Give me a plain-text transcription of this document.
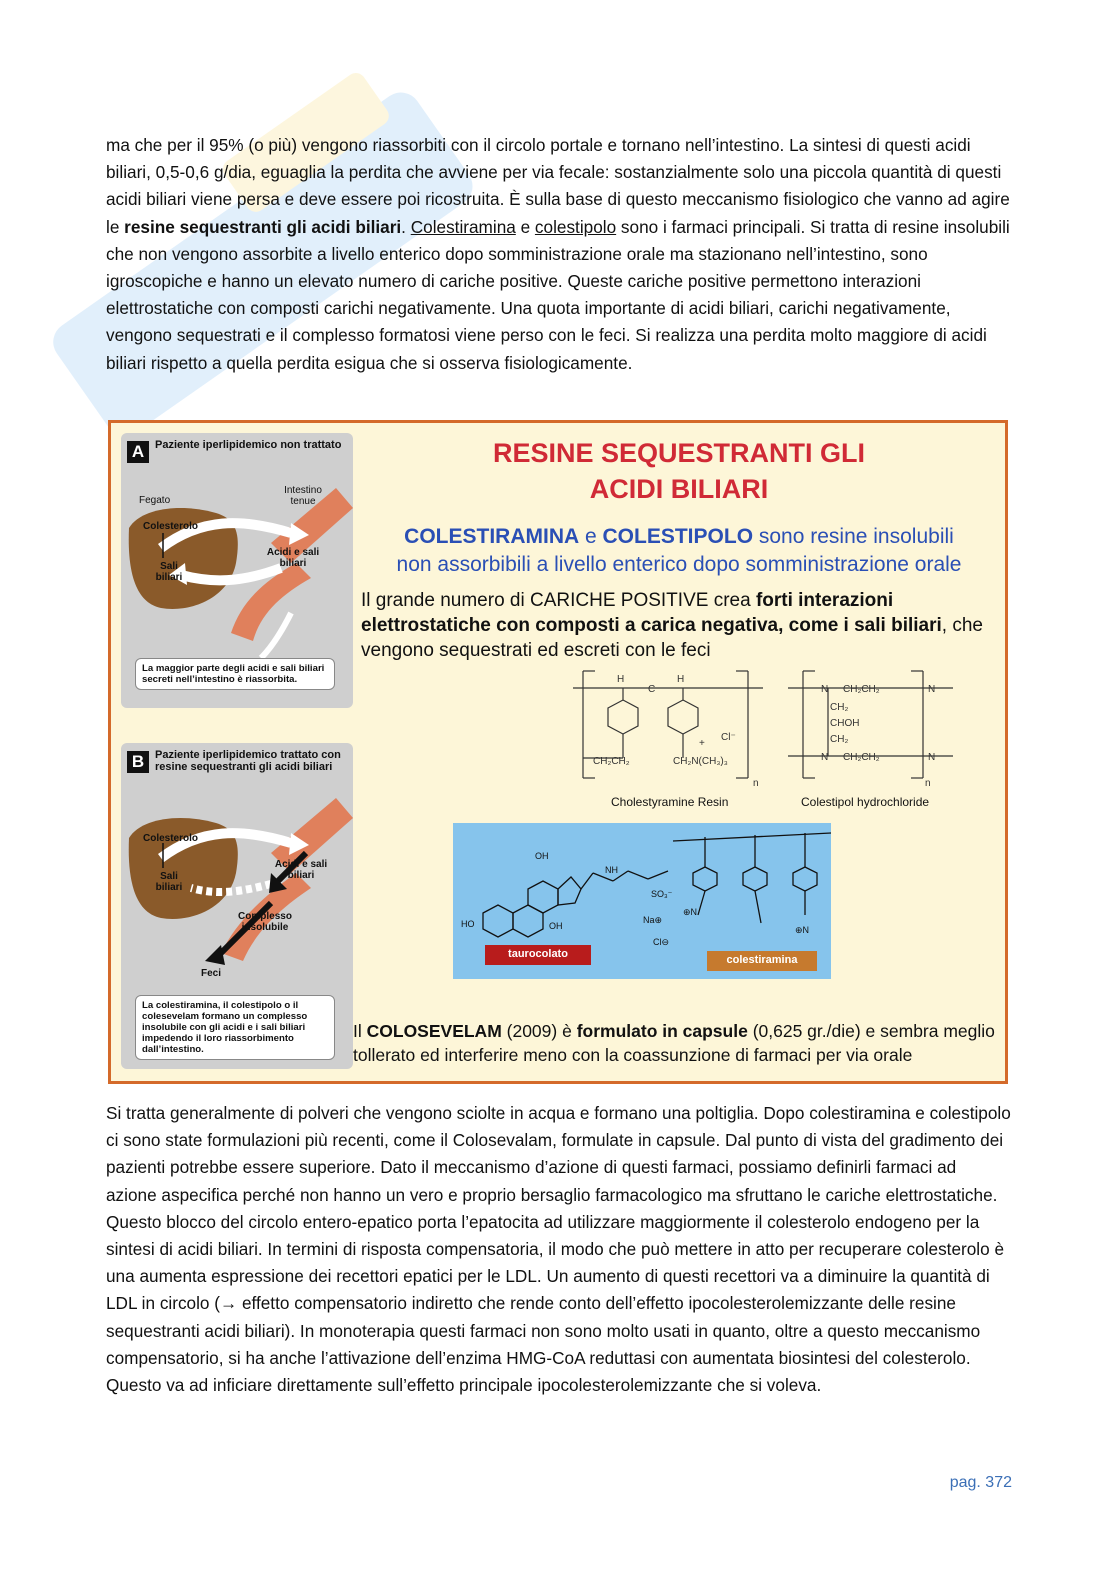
ma che per il 95% (o più) vengono riassorbiti con il circolo portale e tornano nell’intestino. La sintesi di questi acidi biliari, 0,5-0,6 g/dia, eguaglia la perdita che avviene per via fecale: sostanzialmente solo una piccola quantità di questi acidi biliari viene persa e deve essere poi ricostruita. È sulla base di questo meccanismo fisiologico che vanno ad agire le resine sequestranti gli acidi biliari. Colestiramina e colestipolo sono i farmaci principali. Si tratta di resine insolubili che non vengono assorbite a livello enterico dopo somministrazione orale ma stazionano nell’intestino, sono igroscopiche e hanno un elevato numero di cariche positive. Queste cariche positive permettono interazioni elettrostatiche con composti carichi negativamente. Una quota importante di acidi biliari, carichi negativamente, vengono sequestrati e il complesso formatosi viene perso con le feci. Si realizza una perdita molto maggiore di acidi biliari rispetto a quella perdita esigua che si osserva fisiologicamente.
A Paziente iperlipidemico non trattato
Fegato
Intestino tenue
Colesterolo
Sali biliari
Acidi e sali biliari
La maggior parte degli acidi e sali biliari secreti nell’intestino è riassorbita.
B Paziente iperlipidemico trattato con resine sequestranti gli acidi biliari
Colesterolo
Sali biliari
Acidi e sali biliari
Complesso insolubile
Feci
La colestiramina, il colestipolo o il colesevelam formano un complesso insolubile con gli acidi e i sali biliari impedendo il loro riassorbimento dall’intestino.
RESINE SEQUESTRANTI GLI
ACIDI BILIARI
COLESTIRAMINA e COLESTIPOLO sono resine insolubili
non assorbibili a livello enterico dopo somministrazione orale
Il grande numero di CARICHE POSITIVE crea forti interazioni elettrostatiche con composti a carica negativa, come i sali biliari, che vengono sequestrati ed escreti con le feci
H
C
H
CH₂CH₂	CH₂N(CH₃)₃
+
Cl⁻
n
N CH₂CH₂	N
CH₂
CHOH
CH₂
N CH₂CH₂	N
n
Cholestyramine Resin	Colestipol hydrochloride
OH
HO	OH
NH
SO₃⁻
Na⊕
⊕N
Cl⊖
⊕N
taurocolato	colestiramina
Il COLOSEVELAM (2009) è formulato in capsule (0,625 gr./die) e sembra meglio tollerato ed interferire meno con la coassunzione di farmaci per via orale
Si tratta generalmente di polveri che vengono sciolte in acqua e formano una poltiglia. Dopo colestiramina e colestipolo ci sono state formulazioni più recenti, come il Colosevalam, formulate in capsule. Dal punto di vista del gradimento dei pazienti potrebbe essere superiore. Dato il meccanismo d’azione di questi farmaci, possiamo definirli farmaci ad azione aspecifica perché non hanno un vero e proprio bersaglio farmacologico ma sfruttano le cariche elettrostatiche. Questo blocco del circolo entero-epatico porta l’epatocita ad utilizzare maggiormente il colesterolo endogeno per la sintesi di acidi biliari. In termini di risposta compensatoria, il modo che può mettere in atto per recuperare colesterolo è una aumenta espressione dei recettori epatici per le LDL. Un aumento di questi recettori va a diminuire la quantità di LDL in circolo (→ effetto compensatorio indiretto che rende conto dell’effetto ipocolesterolemizzante delle resine sequestranti acidi biliari). In monoterapia questi farmaci non sono molto usati in quanto, oltre a questo meccanismo compensatorio, si ha anche l’attivazione dell’enzima HMG-CoA reduttasi con aumentata biosintesi del colesterolo. Questo va ad inficiare direttamente sull’effetto principale ipocolesterolemizzante che si voleva.
pag. 372
